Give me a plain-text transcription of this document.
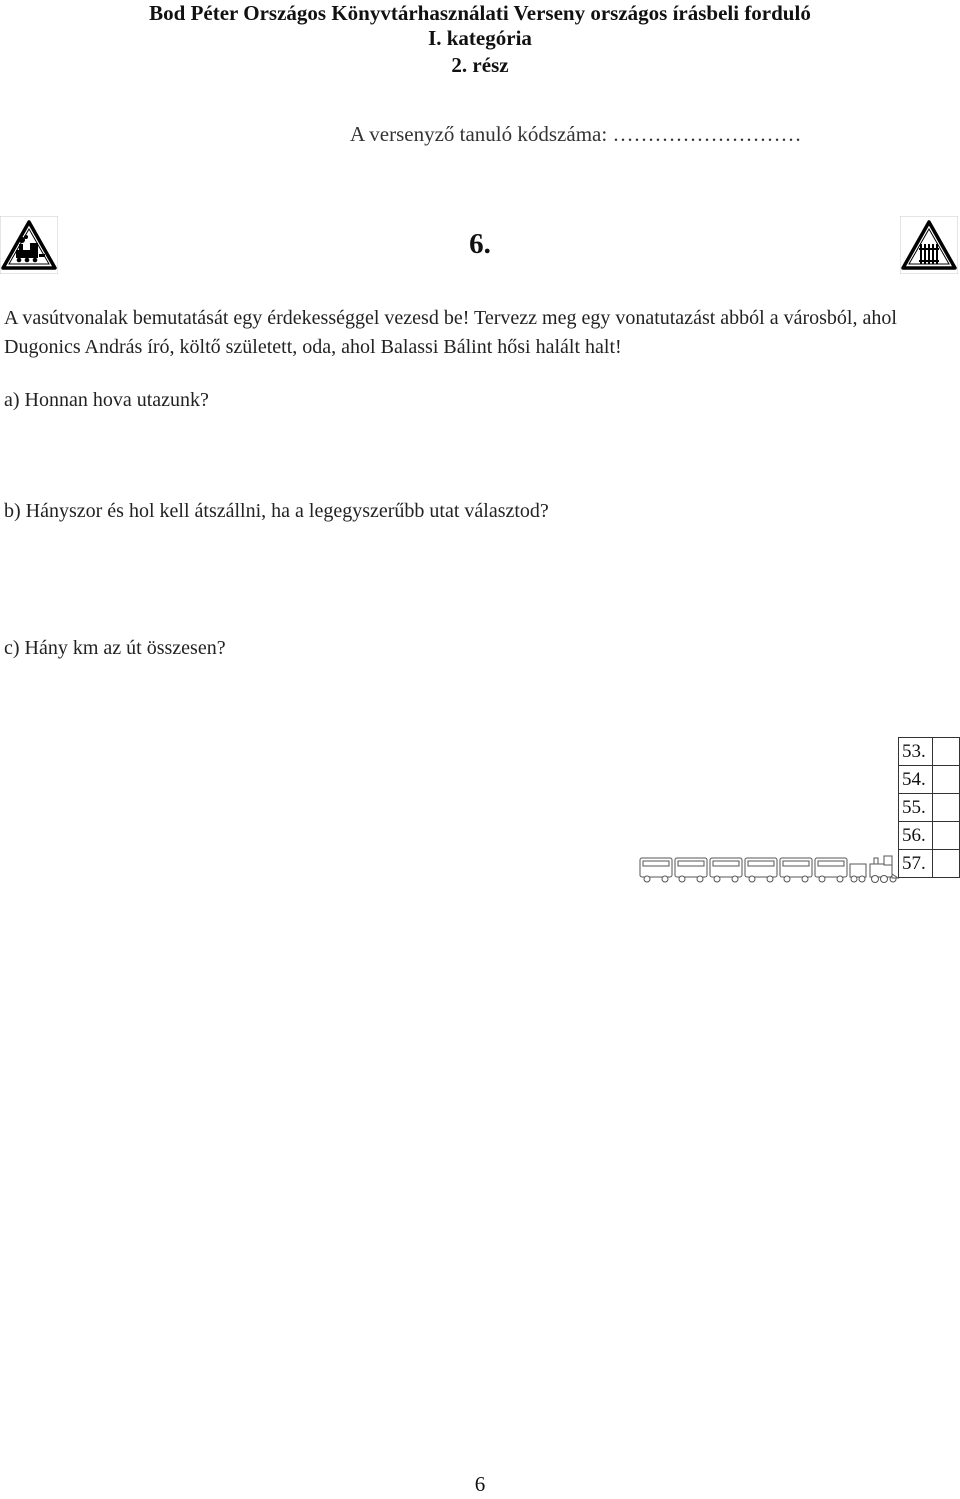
Bod Péter Országos Könyvtárhasználati Verseny országos írásbeli forduló
I. kategória
2. rész
A versenyző tanuló kódszáma: ………………………
6.
A vasútvonalak bemutatását egy érdekességgel vezesd be! Tervezz meg egy vonatutazást abból a városból, ahol Dugonics András író, költő született, oda, ahol Balassi Bálint hősi halált halt!
a) Honnan hova utazunk?
b) Hányszor és hol kell átszállni, ha a legegyszerűbb utat választod?
c) Hány km az út összesen?
53.	
54.	
55.	
56.	
57.	
6
